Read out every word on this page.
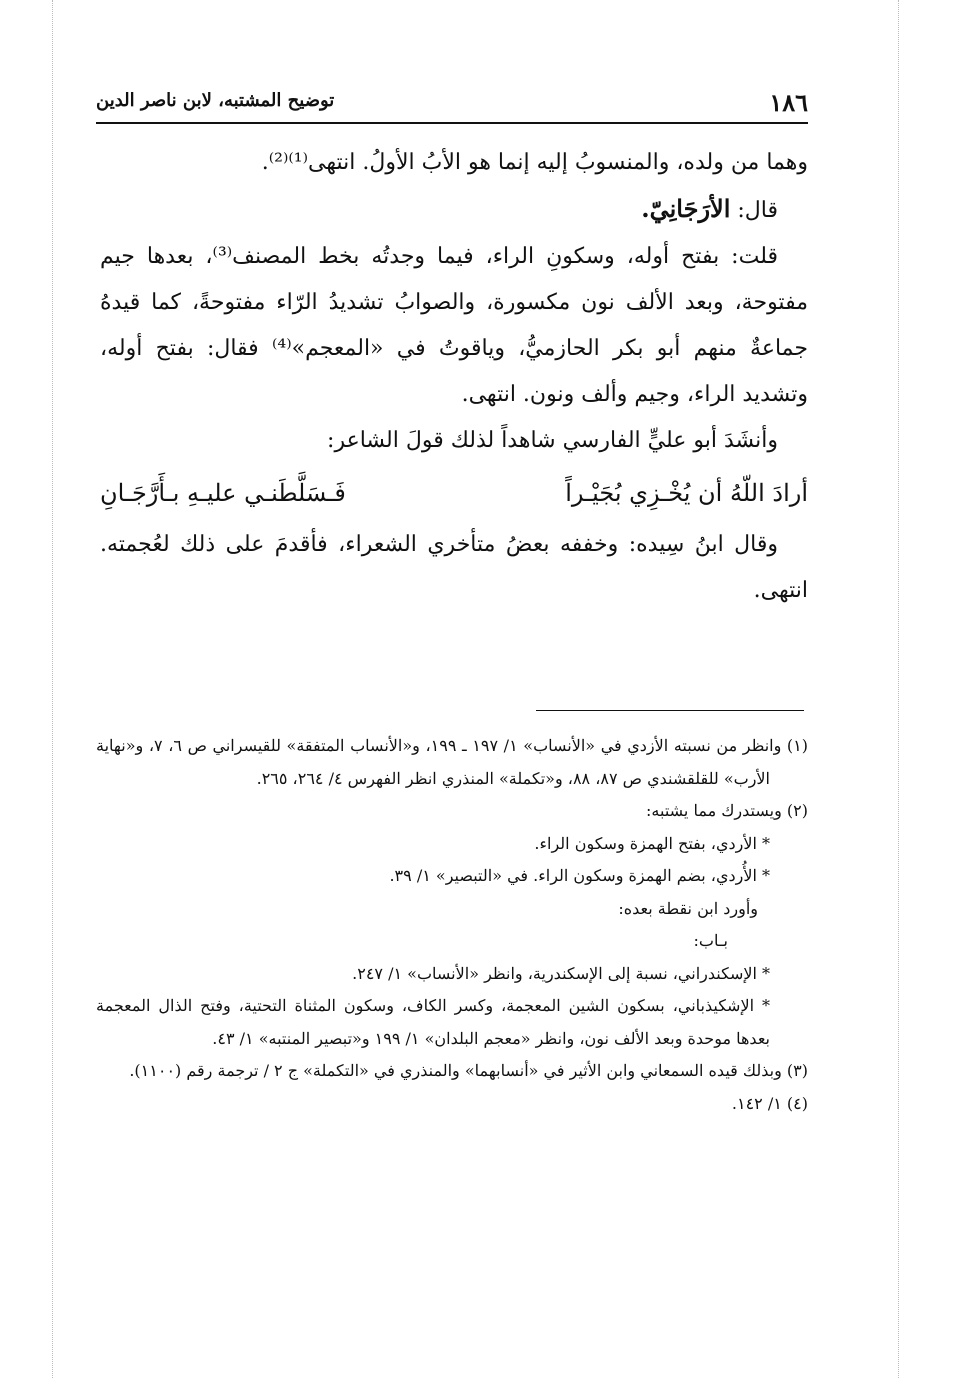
١٨٦
توضيح المشتبه، لابن ناصر الدين

وهما من ولده، والمنسوبُ إليه إنما هو الأبُ الأولُ. انتهى⁽¹⁾⁽²⁾.

قال: الأرَجَانِيّ.

قلت: بفتح أوله، وسكونِ الراء، فيما وجدتُه بخط المصنف⁽³⁾، بعدها جيم مفتوحة، وبعد الألف نون مكسورة، والصوابُ تشديدُ الرّاء مفتوحةً، كما قيدهُ جماعةٌ منهم أبو بكر الحازميُّ، وياقوتُ في «المعجم»⁽⁴⁾ فقال: بفتح أوله، وتشديد الراء، وجيم وألف ونون. انتهى.

وأنشَدَ أبو عليٍّ الفارسي شاهداً لذلك قولَ الشاعر:

أرادَ اللّهُ أن يُخْـزِي بُجَيْـراً
فَـسَلَّطَنـي عليـهِ بـأَرَّجَـانِ

وقال ابنُ سِيده: وخففه بعضُ متأخري الشعراء، فأقدمَ على ذلك لعُجمته. انتهى.

(١) وانظر من نسبته الأزدي في «الأنساب» ١/ ١٩٧ ـ ١٩٩، و«الأنساب المتفقة» للقيسراني ص ٦، ٧، و«نهاية الأرب» للقلقشندي ص ٨٧، ٨٨، و«تكملة» المنذري انظر الفهرس ٤/ ٢٦٤، ٢٦٥.

(٢) ويستدرك مما يشتبه:

* الأردي، بفتح الهمزة وسكون الراء.

* الأُردي، بضم الهمزة وسكون الراء. في «التبصير» ١/ ٣٩.

وأورد ابن نقطة بعده:

بـاب:

* الإسكندراني، نسبة إلى الإسكندرية، وانظر «الأنساب» ١/ ٢٤٧.

* الإشكيذباني، بسكون الشين المعجمة، وكسر الكاف، وسكون المثناة التحتية، وفتح الذال المعجمة بعدها موحدة وبعد الألف نون، وانظر «معجم البلدان» ١/ ١٩٩ و«تبصير المنتبه» ١/ ٤٣.

(٣) وبذلك قيده السمعاني وابن الأثير في «أنسابهما» والمنذري في «التكملة» ج ٢ / ترجمة رقم (١١٠٠).

(٤) ١/ ١٤٢.
